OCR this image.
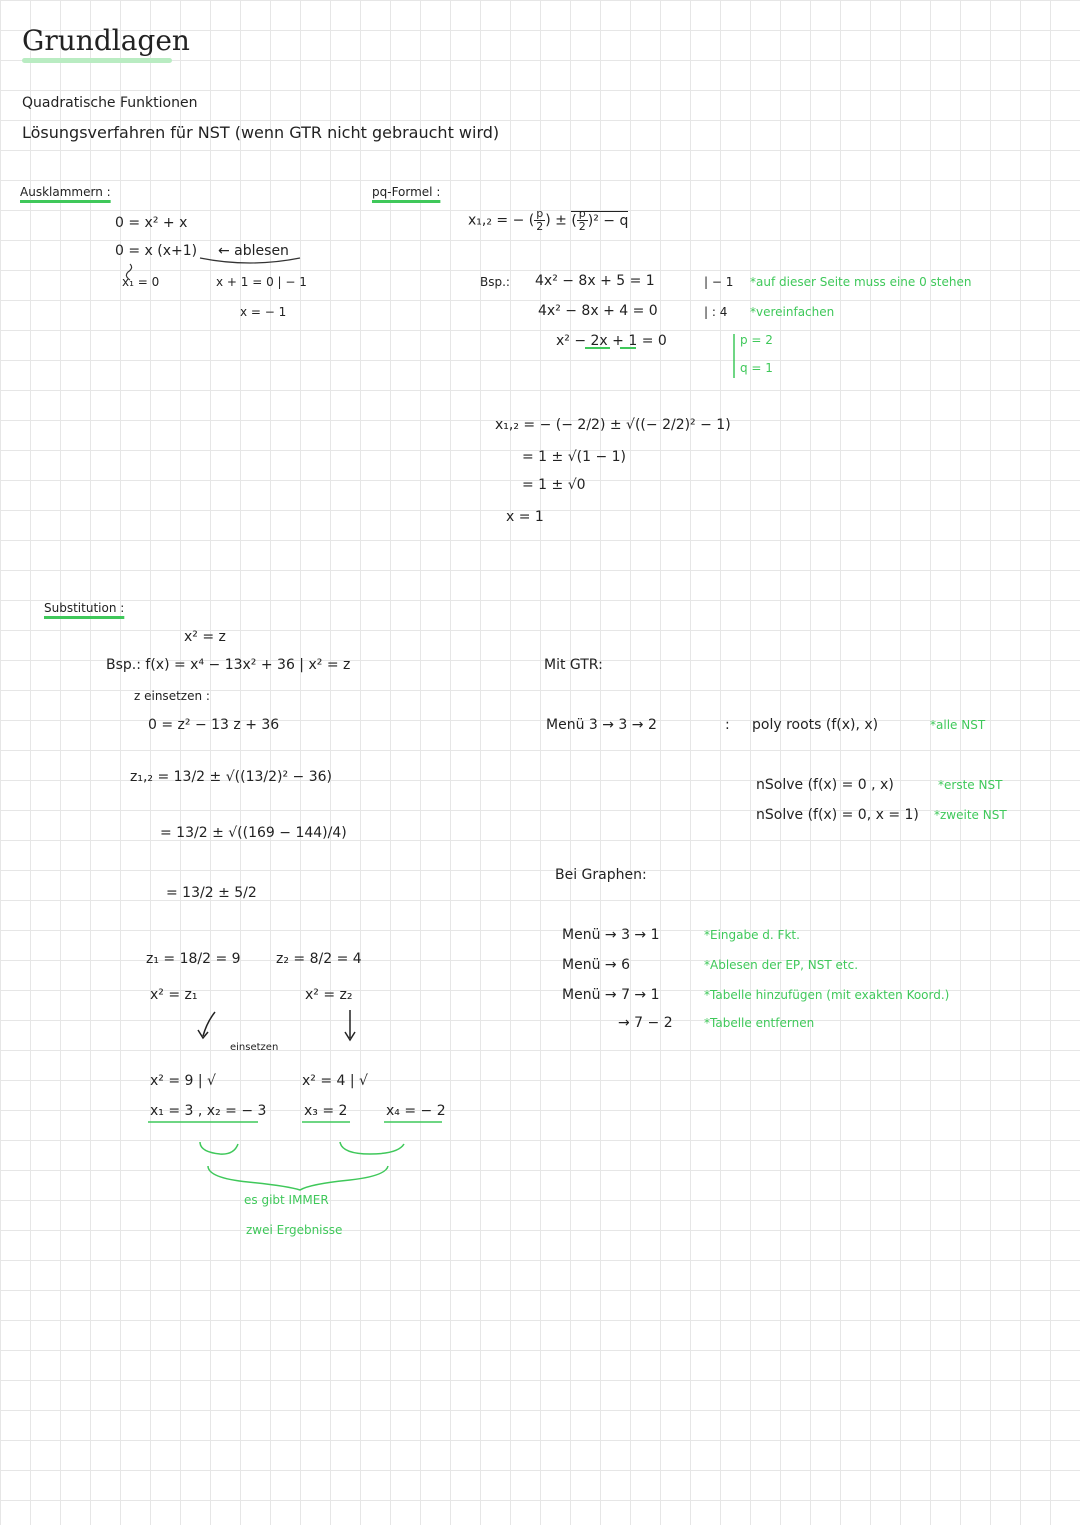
Grundlagen
Quadratische Funktionen
Lösungsverfahren für NST (wenn GTR nicht gebraucht wird)
Ausklammern :
0 = x² + x
0 = x (x+1) ← ablesen
x₁ = 0	x + 1 = 0 | − 1
x = − 1
pq-Formel :
x₁,₂ = − ( $\frac{p}{2}$ ) ± ( $\frac{p}{2} )^2 - q$
Bsp.: 4x² − 8x + 5 = 1	| − 1 *auf dieser Seite muss eine 0 stehen
4x² − 8x + 4 = 0	| : 4 *vereinfachen
x² − 2x + 1 = 0	p = 2
q = 1
x₁,₂ = − (− 2/2) ± √((− 2/2)² − 1)
= 1 ± √(1 − 1)
= 1 ± √0
x = 1
Substitution :
x² = z
Bsp.: f(x) = x⁴ − 13x² + 36 | x² = z
z einsetzen :
0 = z² − 13 z + 36
z₁,₂ = 13/2 ± √((13/2)² − 36)
= 13/2 ± √((169 − 144)/4)
= 13/2 ± 5/2
z₁ = 18/2 = 9	z₂ = 8/2 = 4
x² = z₁	x² = z₂
einsetzen
x² = 9 | √	x² = 4 | √
x₁ = 3 , x₂ = − 3	x₃ = 2	x₄ = − 2
es gibt IMMER
zwei Ergebnisse
Mit GTR:
Menü 3 → 3 → 2	: poly roots (f(x), x)	*alle NST
nSolve (f(x) = 0 , x)	*erste NST
nSolve (f(x) = 0, x = 1) *zweite NST
Bei Graphen:
Menü → 3 → 1	*Eingabe d. Fkt.
Menü → 6	*Ablesen der EP, NST etc.
Menü → 7 → 1	*Tabelle hinzufügen (mit exakten Koord.)
→ 7 − 2	*Tabelle entfernen
